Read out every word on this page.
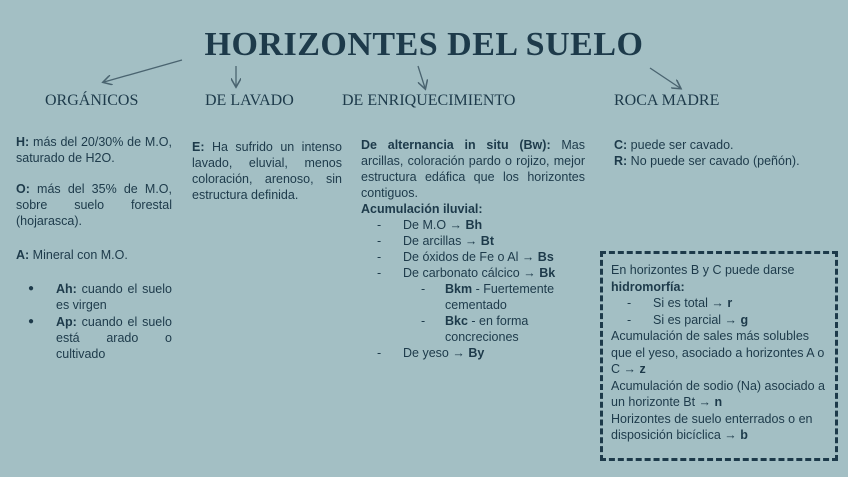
HORIZONTES DEL SUELO
ORGÁNICOS	DE LAVADO	DE ENRIQUECIMIENTO	ROCA MADRE

H: más del 20/30% de M.O, saturado de H2O.

O: más del 35% de M.O, sobre suelo forestal (hojarasca).

A: Mineral con M.O.

● Ah: cuando el suelo es virgen
● Ap: cuando el suelo está arado o cultivado

E: Ha sufrido un intenso lavado, eluvial, menos coloración, arenoso, sin estructura definida.

De alternancia in situ (Bw): Mas arcillas, coloración pardo o rojizo, mejor estructura edáfica que los horizontes contiguos.

Acumulación iluvial:

- De M.O → Bh
- De arcillas → Bt
- De óxidos de Fe o Al → Bs
- De carbonato cálcico → Bk
- Bkm - Fuertemente cementado
- Bkc - en forma concreciones
- De yeso → By

C: puede ser cavado.

R: No puede ser cavado (peñón).

En horizontes B y C puede darse hidromorfía:

- Si es total → r
- Si es parcial → g

Acumulación de sales más solubles que el yeso, asociado a horizontes A o C → z

Acumulación de sodio (Na) asociado a un horizonte Bt → n

Horizontes de suelo enterrados o en disposición bicíclica → b
